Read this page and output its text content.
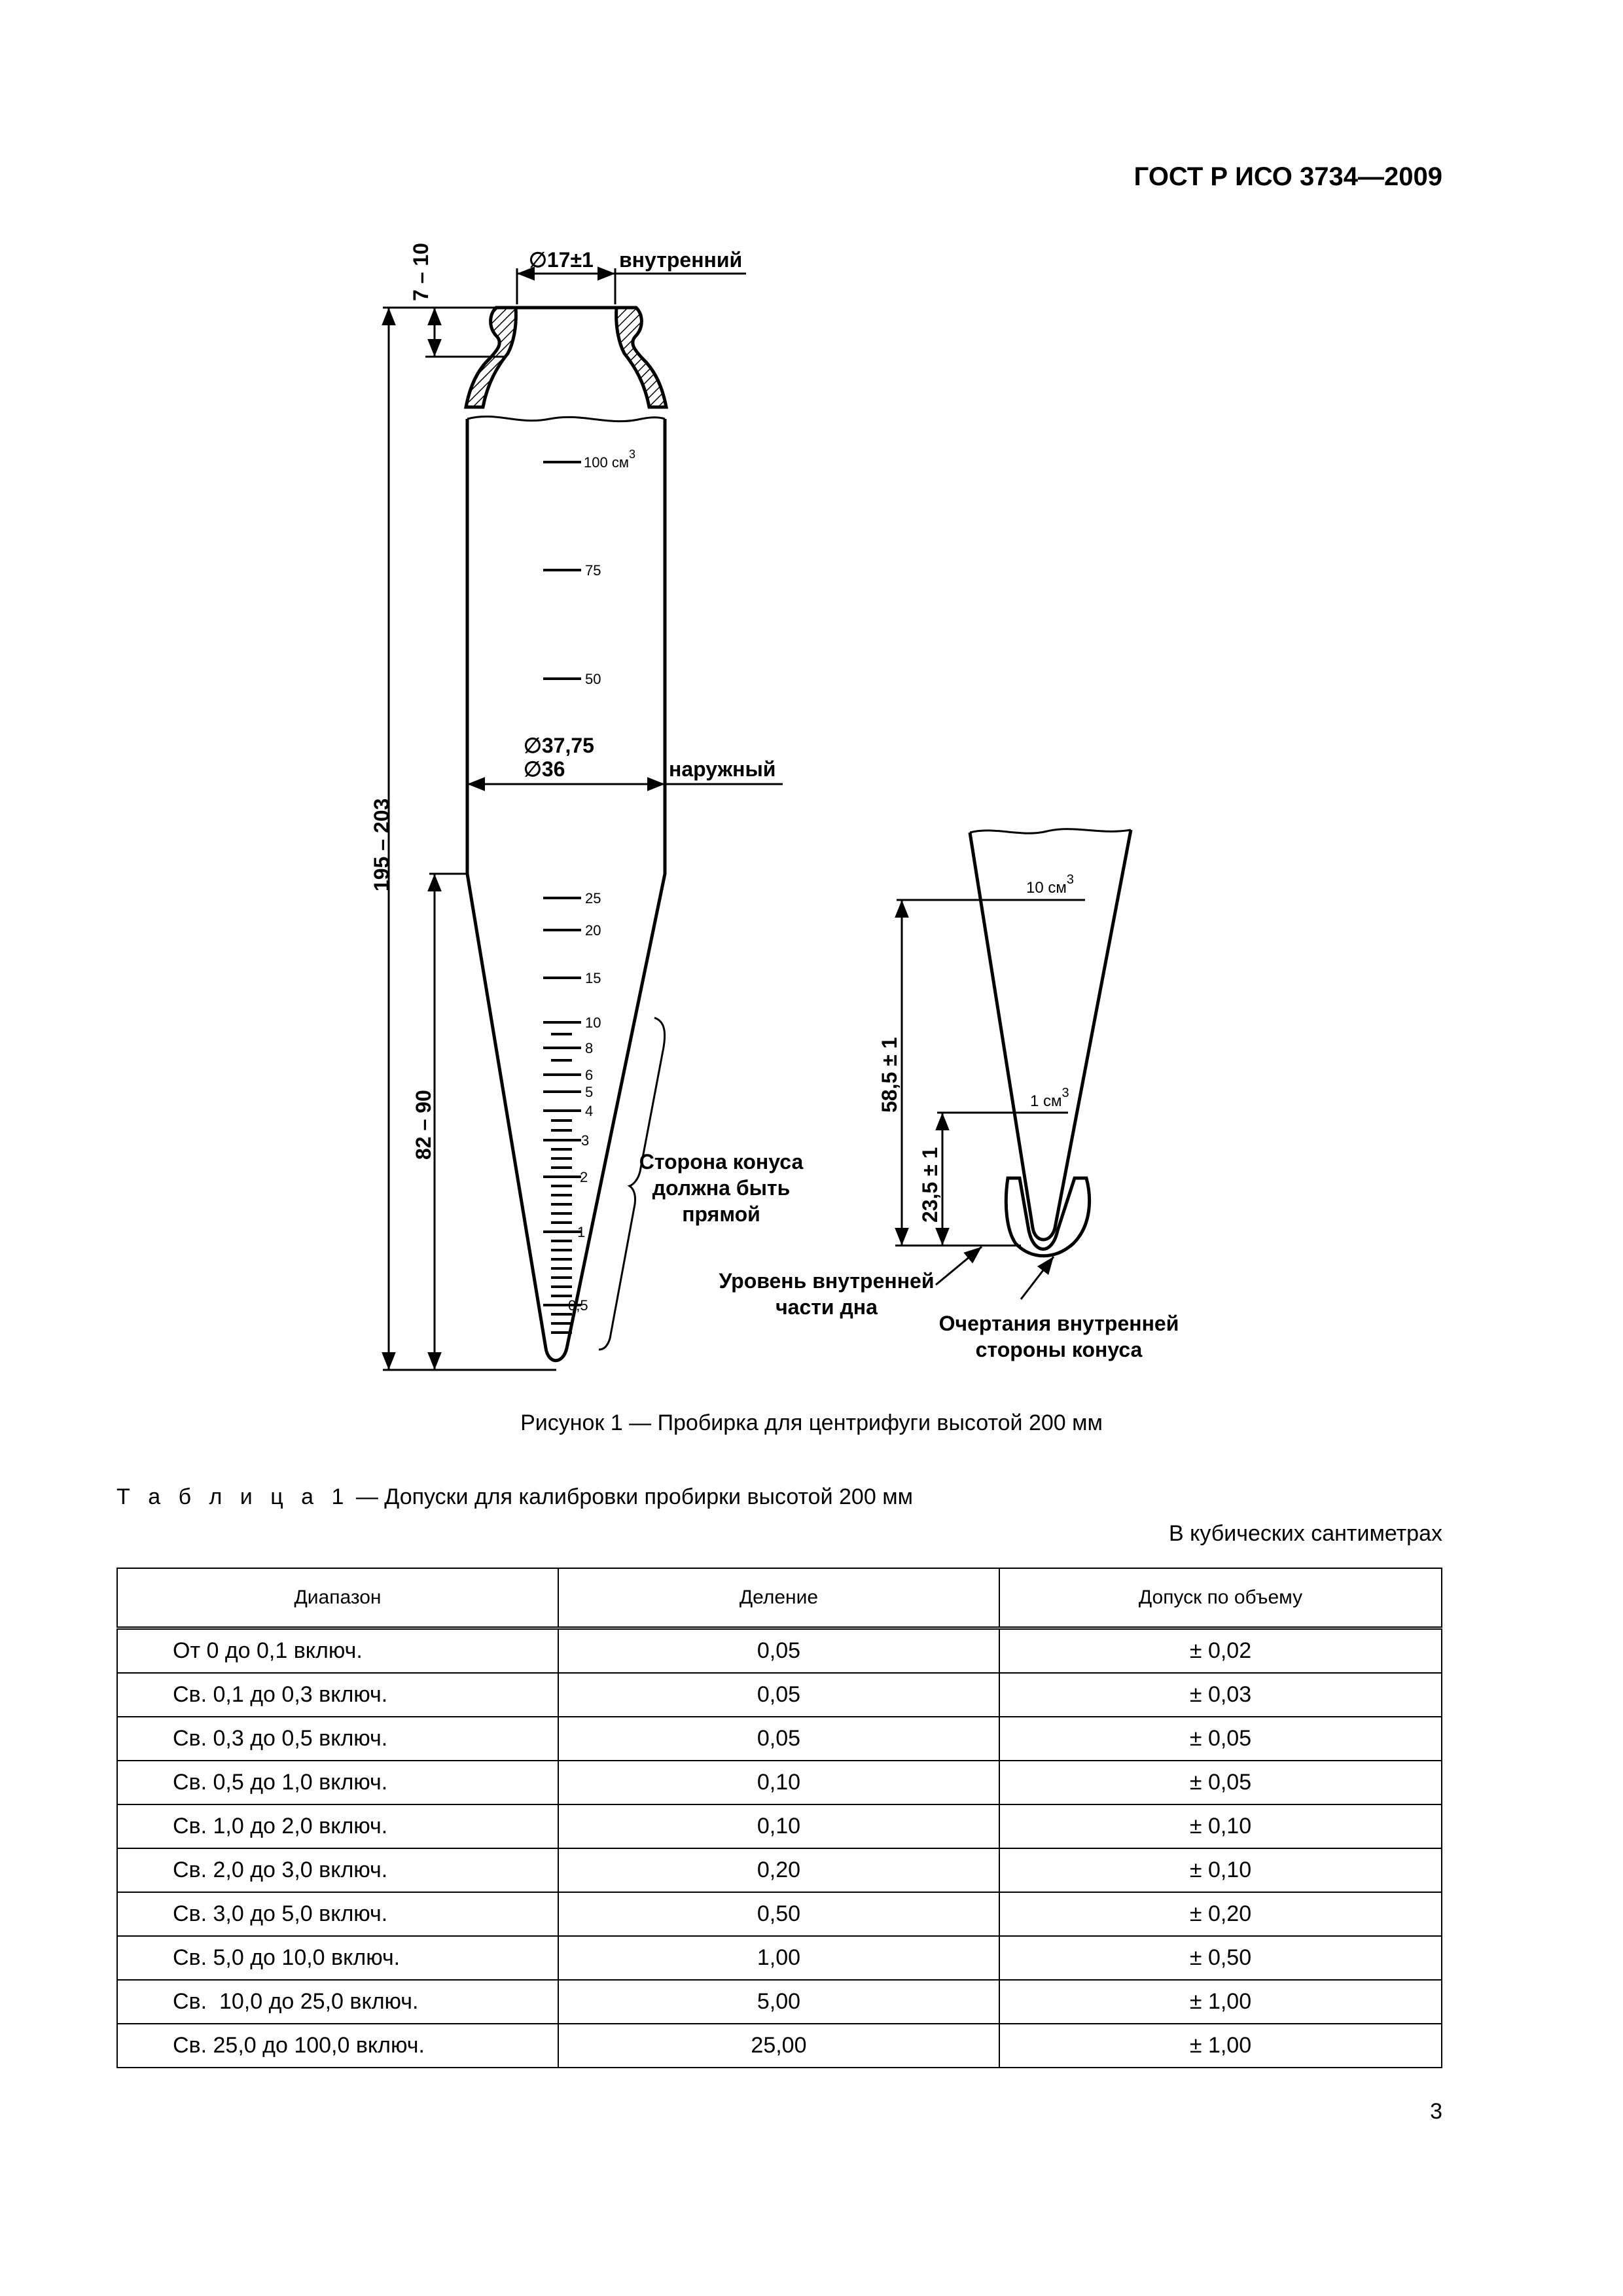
ГОСТ Р ИСО 3734—2009
100 $см^3$
75
50
25
20
15
10
8
6
5
4
3
2
1
0,5
∅17±1 внутренний
7 – 10
195 – 203
82 – 90
∅37,75
∅36	наружный
Сторона конуса
должна быть
прямой
10 $см^3$
1 $см^3$
58,5 ± 1
23,5 ± 1
Уровень внутренней
части дна
Очертания внутренней
стороны конуса
Рисунок 1 — Пробирка для центрифуги высотой 200 мм
Т а б л и ц а 1 — Допуски для калибровки пробирки высотой 200 мм
В кубических сантиметрах
Диапазон	Деление	Допуск по объему
От 0 до 0,1 включ.	0,05	± 0,02
Св. 0,1 до 0,3 включ.	0,05	± 0,03
Св. 0,3 до 0,5 включ.	0,05	± 0,05
Св. 0,5 до 1,0 включ.	0,10	± 0,05
Св. 1,0 до 2,0 включ.	0,10	± 0,10
Св. 2,0 до 3,0 включ.	0,20	± 0,10
Св. 3,0 до 5,0 включ.	0,50	± 0,20
Св. 5,0 до 10,0 включ.	1,00	± 0,50
Св.  10,0 до 25,0 включ.	5,00	± 1,00
Св. 25,0 до 100,0 включ.	25,00	± 1,00
3
